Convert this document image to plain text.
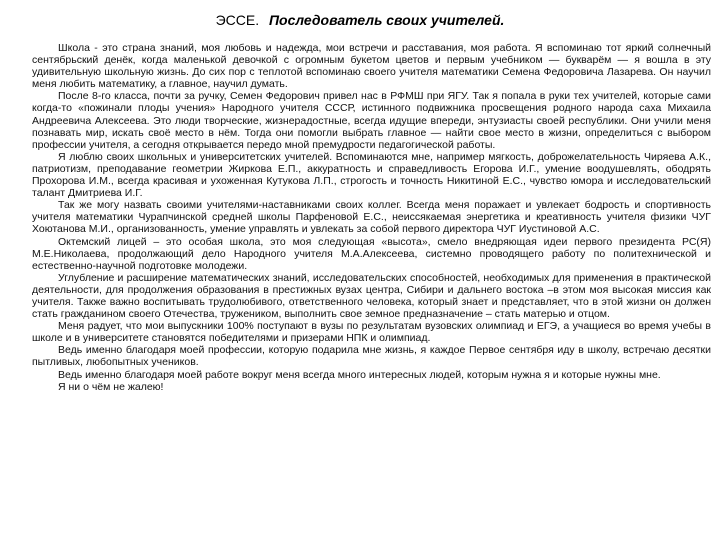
ЭССЕ. Последователь своих учителей.

Школа - это страна знаний, моя любовь и надежда, мои встречи и расставания, моя работа. Я вспоминаю тот яркий солнечный сентябрьский денёк, когда маленькой девочкой с огромным букетом цветов и первым учебником — букварём — я вошла в эту удивительную школьную жизнь. До сих пор с теплотой вспоминаю своего учителя математики Семена Федоровича Лазарева. Он научил меня любить математику, а главное, научил думать.

После 8-го класса, почти за ручку, Семен Федорович привел нас в РФМШ при ЯГУ. Так я попала в руки тех учителей, которые сами когда-то «пожинали плоды учения» Народного учителя СССР, истинного подвижника просвещения родного народа саха Михаила Андреевича Алексеева. Это люди творческие, жизнерадостные, всегда идущие впереди, энтузиасты своей республики. Они учили меня познавать мир, искать своё место в нём. Тогда они помогли выбрать главное — найти свое место в жизни, определиться с выбором профессии учителя, а сегодня открывается передо мной премудрости педагогической работы.

Я люблю своих школьных и университетских учителей. Вспоминаются мне, например мягкость, доброжелательность Чиряева А.К., патриотизм, преподавание геометрии Жиркова Е.П., аккуратность и справедливость Егорова И.Г., умение воодушевлять, ободрять Прохорова И.М., всегда красивая и ухоженная Кутукова Л.П., строгость и точность Никитиной Е.С., чувство юмора и исследовательский талант Дмитриева И.Г.

Так же могу назвать своими учителями-наставниками своих коллег. Всегда меня поражает и увлекает бодрость и спортивность учителя математики Чурапчинской средней школы Парфеновой Е.С., неиссякаемая энергетика и креативность учителя физики ЧУГ Хоютанова М.И., организованность, умение управлять и увлекать за собой первого директора ЧУГ Иустиновой А.С.

Октемский лицей – это особая школа, это моя следующая «высота», смело внедряющая идеи первого президента РС(Я) М.Е.Николаева, продолжающий дело Народного учителя М.А.Алексеева, системно проводящего работу по политехнической и естественно-научной подготовке молодежи.

Углубление и расширение математических знаний, исследовательских способностей, необходимых для применения в практической деятельности, для продолжения образования в престижных вузах центра, Сибири и дальнего востока –в этом моя высокая миссия как учителя. Также важно воспитывать трудолюбивого, ответственного человека, который знает и представляет, что в этой жизни он должен стать гражданином своего Отечества, тружеником, выполнить свое земное предназначение – стать матерью и отцом.

Меня радует, что мои выпускники 100% поступают в вузы по результатам вузовских олимпиад и ЕГЭ, а учащиеся во время учебы в школе и в университете становятся победителями и призерами НПК и олимпиад.

Ведь именно благодаря моей профессии, которую подарила мне жизнь, я каждое Первое сентября иду в школу, встречаю десятки пытливых, любопытных учеников.

Ведь именно благодаря моей работе вокруг меня всегда много интересных людей, которым нужна я и которые нужны мне.

Я ни о чём не жалею!
